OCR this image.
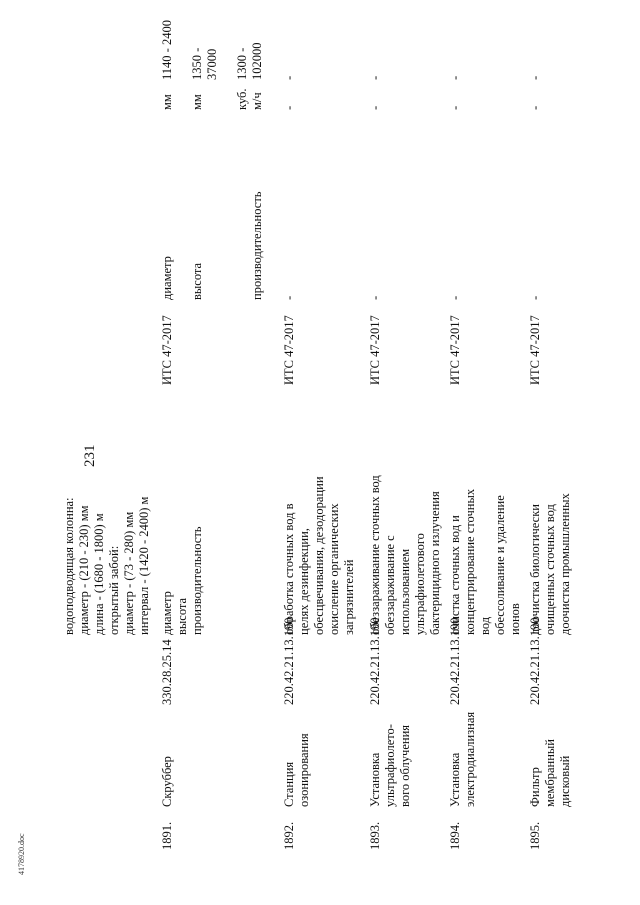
231
4178920.doc
водоподводящая колонна:
диаметр - (210 - 230) мм
длина - (1680 - 1800) м
открытый забой:
диаметр - (73 - 280) мм
интервал - (1420 - 2400) м
1891.
Скруббер
330.28.25.14
диаметр
высота
производительность
ИТС 47-2017
диаметр

высота

производительность
мм

мм

куб.
м/ч
1140 - 2400

1350 -
37000

1300 -
102000
1892.
Станция
озонирования
220.42.21.13.190
обработка сточных вод в
целях дезинфекции,
обесцвечивания, дезодорации
окисление органических
загрязнителей
ИТС 47-2017
-
-
-
1893.
Установка
ультрафиолето-
вого облучения
220.42.21.13.190
обеззараживание сточных вод
обеззараживание с
использованием
ультрафиолетового
бактерицидного излучения
ИТС 47-2017
-
-
-
1894.
Установка
электродиализная
220.42.21.13.190
очистка сточных вод и
концентрирование сточных
вод
обессоливание и удаление
ионов
ИТС 47-2017
-
-
-
1895.
Фильтр
мембранный
дисковый
220.42.21.13.190
доочистка биологически
очищенных сточных вод
доочистка промышленных
ИТС 47-2017
-
-
-
